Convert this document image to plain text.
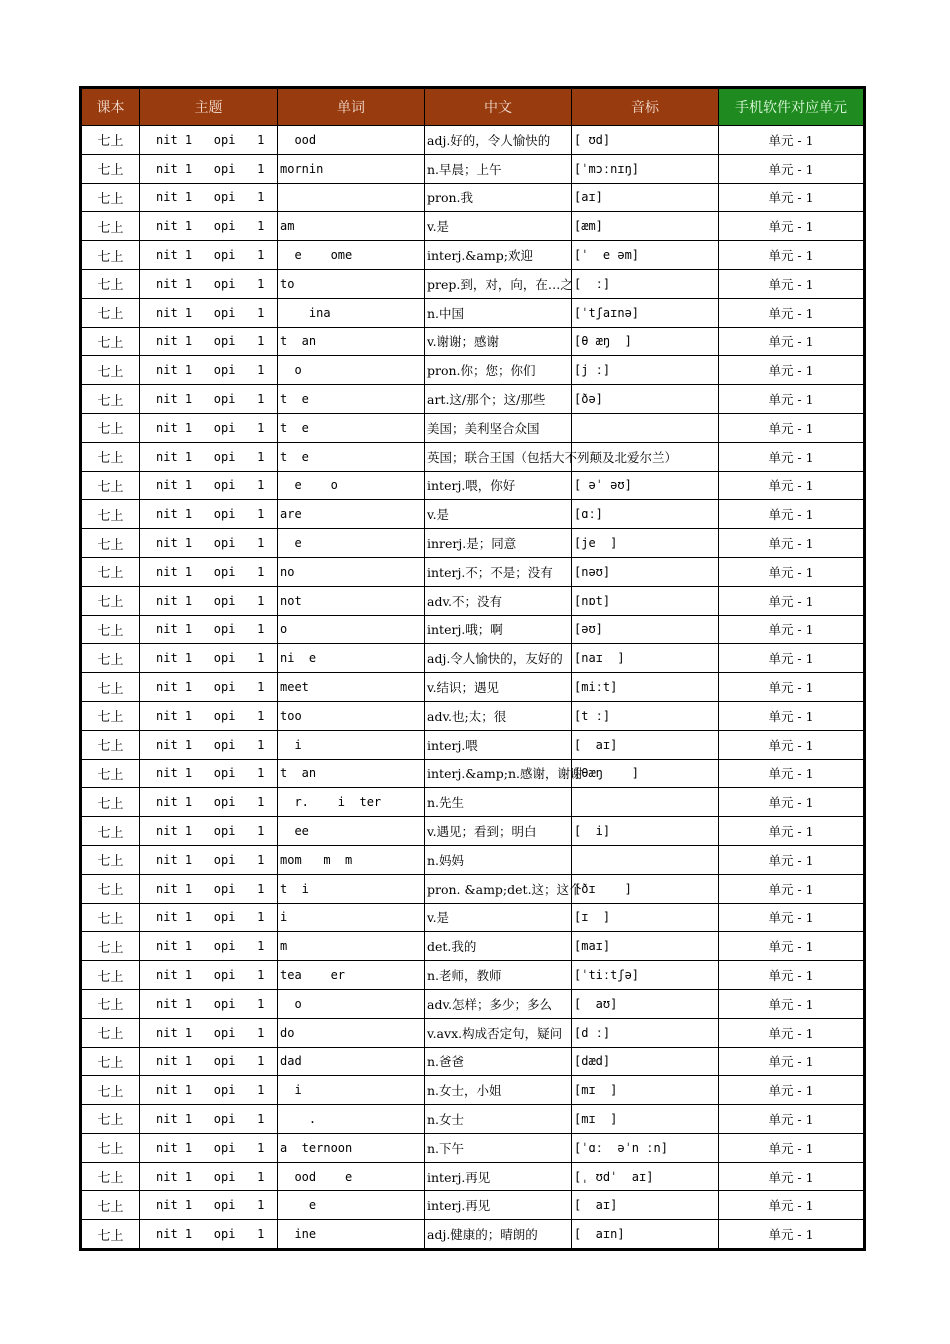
课本	主题	单词	中文	音标	手机软件对应单元
七上	nit 1   opi   1	ood	adj.好的，令人愉快的	[ ʊd]	单元 - 1
七上	nit 1   opi   1	mornin	n.早晨；上午	[ˈmɔːnɪŋ]	单元 - 1
七上	nit 1   opi   1		pron.我	[aɪ]	单元 - 1
七上	nit 1   opi   1	am	v.是	[æm]	单元 - 1
七上	nit 1   opi   1	e    ome	interj.&amp;欢迎	[ˈ  e əm]	单元 - 1
七上	nit 1   opi   1	to	prep.到，对，向，在…之	[  ː]	单元 - 1
七上	nit 1   opi   1	ina	n.中国	[ˈtʃaɪnə]	单元 - 1
七上	nit 1   opi   1	t  an	v.谢谢；感谢	[θ æŋ  ]	单元 - 1
七上	nit 1   opi   1	o	pron.你；您；你们	[j ː]	单元 - 1
七上	nit 1   opi   1	t  e	art.这/那个；这/那些	[ðə]	单元 - 1
七上	nit 1   opi   1	t  e	美国；美利坚合众国		单元 - 1
七上	nit 1   opi   1	t  e	英国；联合王国（包括大不列颠及北爱尔兰）		单元 - 1
七上	nit 1   opi   1	e    o	interj.喂，你好	[ əˈ əʊ]	单元 - 1
七上	nit 1   opi   1	are	v.是	[ɑː]	单元 - 1
七上	nit 1   opi   1	e	inrerj.是；同意	[je  ]	单元 - 1
七上	nit 1   opi   1	no	interj.不；不是；没有	[nəʊ]	单元 - 1
七上	nit 1   opi   1	not	adv.不；没有	[nɒt]	单元 - 1
七上	nit 1   opi   1	o	interj.哦；啊	[əʊ]	单元 - 1
七上	nit 1   opi   1	ni  e	adj.令人愉快的，友好的	[naɪ  ]	单元 - 1
七上	nit 1   opi   1	meet	v.结识；遇见	[miːt]	单元 - 1
七上	nit 1   opi   1	too	adv.也;太；很	[t ː]	单元 - 1
七上	nit 1   opi   1	i	interj.喂	[  aɪ]	单元 - 1
七上	nit 1   opi   1	t  an	interj.&amp;n.感谢，谢谢	[θæŋ    ]	单元 - 1
七上	nit 1   opi   1	r.    i  ter	n.先生		单元 - 1
七上	nit 1   opi   1	ee	v.遇见；看到；明白	[  i]	单元 - 1
七上	nit 1   opi   1	mom   m  m	n.妈妈		单元 - 1
七上	nit 1   opi   1	t  i	pron. &amp;det.这；这个	[ðɪ    ]	单元 - 1
七上	nit 1   opi   1	i	v.是	[ɪ  ]	单元 - 1
七上	nit 1   opi   1	m	det.我的	[maɪ]	单元 - 1
七上	nit 1   opi   1	tea    er	n.老师，教师	[ˈtiːtʃə]	单元 - 1
七上	nit 1   opi   1	o	adv.怎样；多少；多么	[  aʊ]	单元 - 1
七上	nit 1   opi   1	do	v.avx.构成否定句，疑问	[d ː]	单元 - 1
七上	nit 1   opi   1	dad	n.爸爸	[dæd]	单元 - 1
七上	nit 1   opi   1	i	n.女士，小姐	[mɪ  ]	单元 - 1
七上	nit 1   opi   1	.	n.女士	[mɪ  ]	单元 - 1
七上	nit 1   opi   1	a  ternoon	n.下午	[ˈɑː  əˈn ːn]	单元 - 1
七上	nit 1   opi   1	ood    e	interj.再见	[ˌ ʊdˈ  aɪ]	单元 - 1
七上	nit 1   opi   1	e	interj.再见	[  aɪ]	单元 - 1
七上	nit 1   opi   1	ine	adj.健康的；晴朗的	[  aɪn]	单元 - 1
